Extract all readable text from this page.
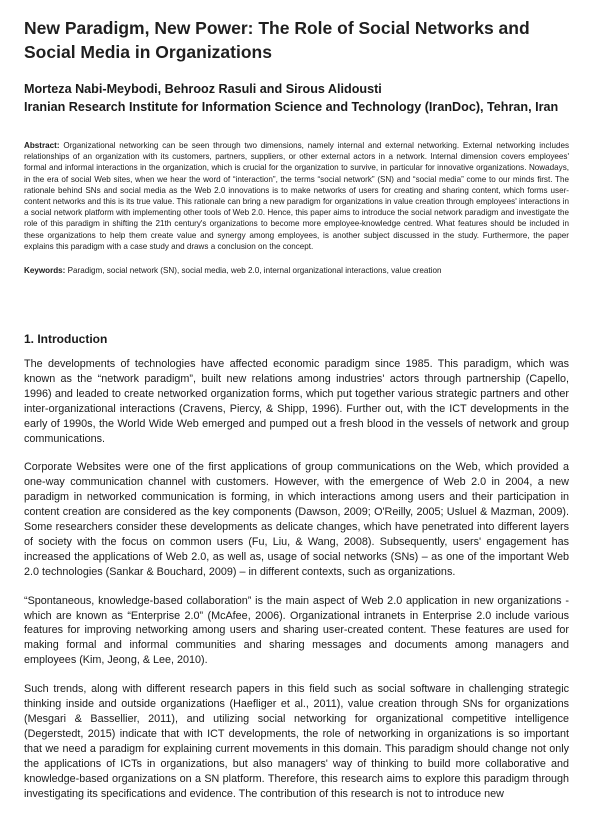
New Paradigm, New Power: The Role of Social Networks and Social Media in Organizations
Morteza Nabi-Meybodi, Behrooz Rasuli and Sirous Alidousti
Iranian Research Institute for Information Science and Technology (IranDoc), Tehran, Iran
Abstract: Organizational networking can be seen through two dimensions, namely internal and external networking. External networking includes relationships of an organization with its customers, partners, suppliers, or other external actors in a network. Internal dimension covers employees' formal and informal interactions in the organization, which is crucial for the organization to survive, in particular for innovative organizations. Nowadays, in the era of social Web sites, when we hear the word of “interaction”, the terms “social network” (SN) and “social media” come to our minds first. The rationale behind SNs and social media as the Web 2.0 innovations is to make networks of users for creating and sharing content, which forms user-content networks and this is its true value. This rationale can bring a new paradigm for organizations in value creation through employees' interactions in a social network platform with implementing other tools of Web 2.0. Hence, this paper aims to introduce the social network paradigm and investigate the role of this paradigm in shifting the 21th century's organizations to become more employee-knowledge centred. What features should be included in these organizations to help them create value and synergy among employees, is another subject discussed in the study. Furthermore, the paper explains this paradigm with a case study and draws a conclusion on the concept.
Keywords: Paradigm, social network (SN), social media, web 2.0, internal organizational interactions, value creation
1. Introduction

The developments of technologies have affected economic paradigm since 1985. This paradigm, which was known as the “network paradigm”, built new relations among industries' actors through partnership (Capello, 1996) and leaded to create networked organization forms, which put together various strategic partners and other inter-organizational interactions (Cravens, Piercy, & Shipp, 1996). Further out, with the ICT developments in the early of 1990s, the World Wide Web emerged and pumped out a fresh blood in the vessels of network and group communications.

Corporate Websites were one of the first applications of group communications on the Web, which provided a one-way communication channel with customers. However, with the emergence of Web 2.0 in 2004, a new paradigm in networked communication is forming, in which interactions among users and their participation in content creation are considered as the key components (Dawson, 2009; O'Reilly, 2005; Usluel & Mazman, 2009). Some researchers consider these developments as delicate changes, which have penetrated into different layers of society with the focus on common users (Fu, Liu, & Wang, 2008). Subsequently, users' engagement has increased the applications of Web 2.0, as well as, usage of social networks (SNs) – as one of the important Web 2.0 technologies (Sankar & Bouchard, 2009) – in different contexts, such as organizations.

“Spontaneous, knowledge-based collaboration” is the main aspect of Web 2.0 application in new organizations - which are known as “Enterprise 2.0” (McAfee, 2006). Organizational intranets in Enterprise 2.0 include various features for improving networking among users and sharing user-created content. These features are used for making formal and informal communities and sharing messages and documents among managers and employees (Kim, Jeong, & Lee, 2010).

Such trends, along with different research papers in this field such as social software in challenging strategic thinking inside and outside organizations (Haefliger et al., 2011), value creation through SNs for organizations (Mesgari & Bassellier, 2011), and utilizing social networking for organizational competitive intelligence (Degerstedt, 2015) indicate that with ICT developments, the role of networking in organizations is so important that we need a paradigm for explaining current movements in this domain. This paradigm should change not only the applications of ICTs in organizations, but also managers' way of thinking to build more collaborative and knowledge-based organizations on a SN platform. Therefore, this research aims to explore this paradigm through investigating its specifications and evidence. The contribution of this research is not to introduce new
